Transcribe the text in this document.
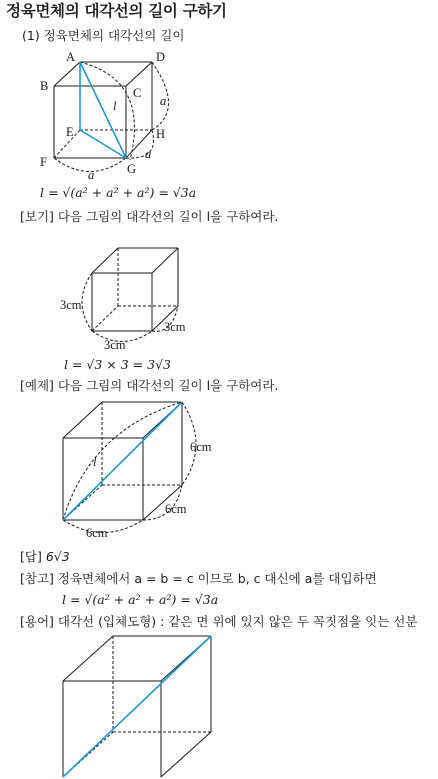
정육면체의 대각선의 길이 구하기
(1) 정육면체의 대각선의 길이
A
B	C
D
E
F	G
H
l	a
a
a
3cm
3cm
3cm
6cm
6cm
6cm
l
l = √(a² + a² + a²) = √3a
[보기] 다음 그림의 대각선의 길이 l을 구하여라.
l = √3 × 3 = 3√3
[예제] 다음 그림의 대각선의 길이 l을 구하여라.
[답] 6√3
[참고] 정육면체에서 a = b = c 이므로 b, c 대신에 a를 대입하면
l = √(a² + a² + a²) = √3a
[용어] 대각선 (입체도형) : 같은 면 위에 있지 않은 두 꼭짓점을 잇는 선분
